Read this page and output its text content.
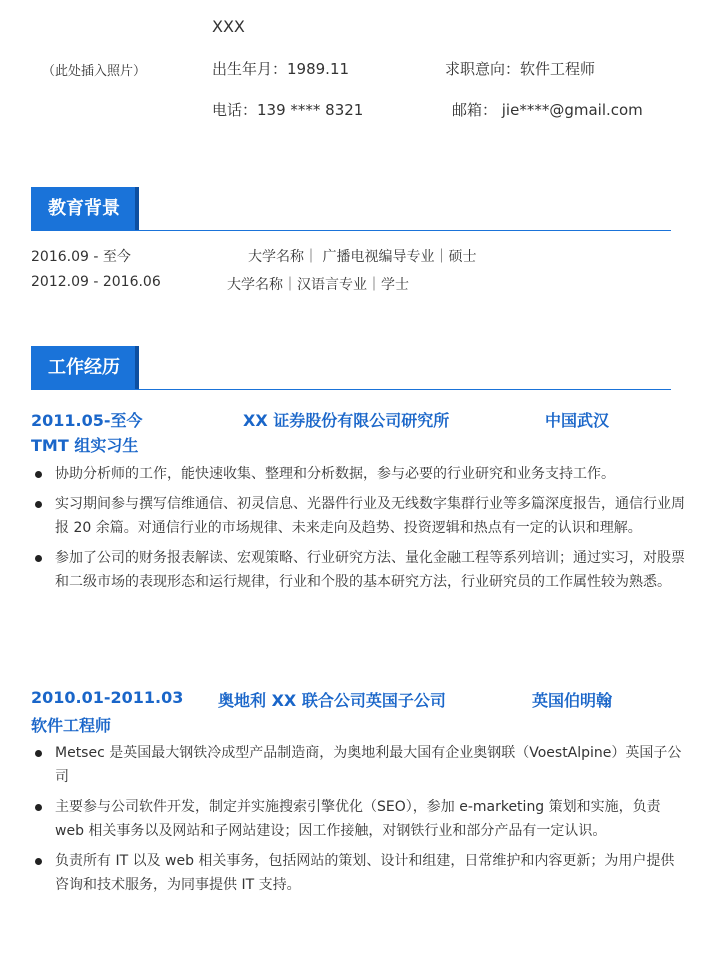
XXX
（此处插入照片）	出生年月：1989.11	求职意向：软件工程师
电话：139 **** 8321	邮箱： jie****@gmail.com
教育背景
2016.09 - 至今	大学名称｜ 广播电视编导专业｜硕士
2012.09 - 2016.06	大学名称｜汉语言专业｜学士
工作经历
2011.05-至今	XX 证券股份有限公司研究所	中国武汉
TMT 组实习生
协助分析师的工作，能快速收集、整理和分析数据，参与必要的行业研究和业务支持工作。
实习期间参与撰写信维通信、初灵信息、光器件行业及无线数字集群行业等多篇深度报告，通信行业周 报 20 余篇。对通信行业的市场规律、未来走向及趋势、投资逻辑和热点有一定的认识和理解。
参加了公司的财务报表解读、宏观策略、行业研究方法、量化金融工程等系列培训；通过实习，对股票和二级市场的表现形态和运行规律，行业和个股的基本研究方法，行业研究员的工作属性较为熟悉。
2010.01-2011.03 奥地利 XX 联合公司英国子公司	英国伯明翰
软件工程师
Metsec 是英国最大钢铁冷成型产品制造商，为奥地利最大国有企业奥钢联（VoestAlpine）英国子公司
主要参与公司软件开发，制定并实施搜索引擎优化（SEO），参加 e-marketing 策划和实施，负责 web 相关事务以及网站和子网站建设；因工作接触，对钢铁行业和部分产品有一定认识。
负责所有 IT 以及 web 相关事务，包括网站的策划、设计和组建，日常维护和内容更新；为用户提供咨询和技术服务，为同事提供 IT 支持。
